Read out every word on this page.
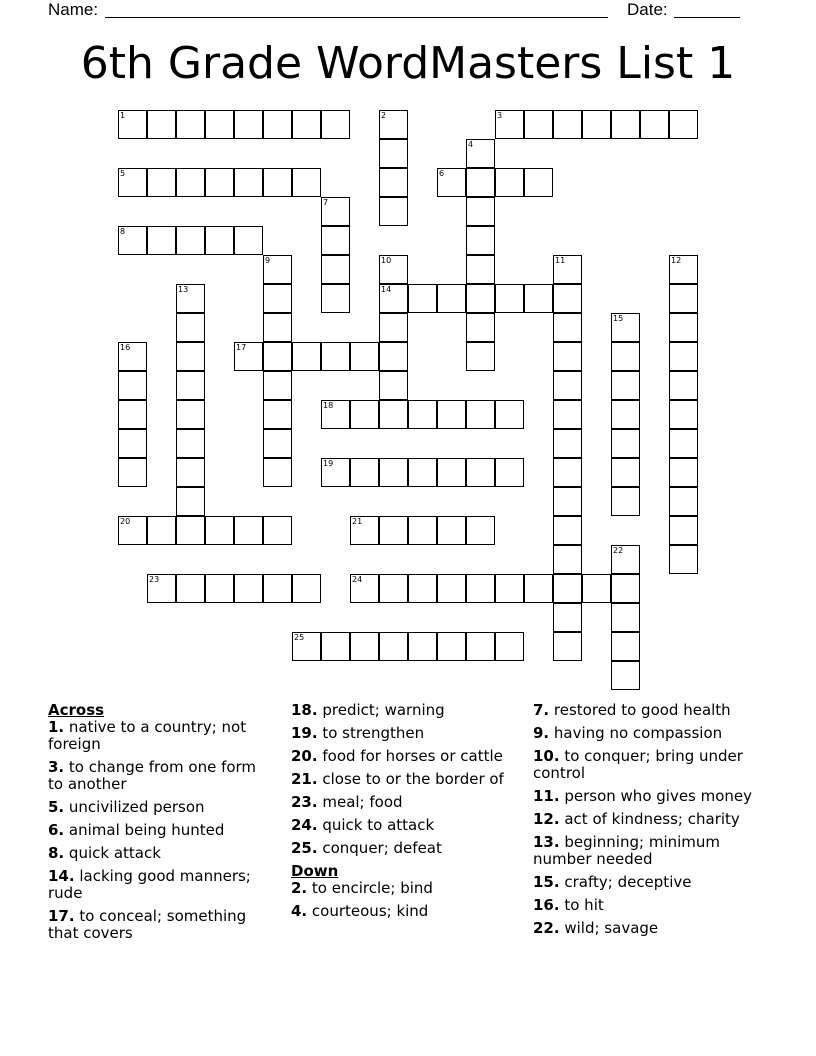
Name:	Date:
6th Grade WordMasters List 1
1	2	3
4
5	6
7
8
9	10
14
11	12
13
15
16	17
18
19
20	21
22
23	24
25
Across
1. native to a country; not foreign
3. to change from one form to another
5. uncivilized person
6. animal being hunted
8. quick attack
14. lacking good manners; rude
17. to conceal; something that covers
18. predict; warning
19. to strengthen
20. food for horses or cattle
21. close to or the border of
23. meal; food
24. quick to attack
25. conquer; defeat
Down
2. to encircle; bind
4. courteous; kind
7. restored to good health
9. having no compassion
10. to conquer; bring under control
11. person who gives money
12. act of kindness; charity
13. beginning; minimum number needed
15. crafty; deceptive
16. to hit
22. wild; savage
